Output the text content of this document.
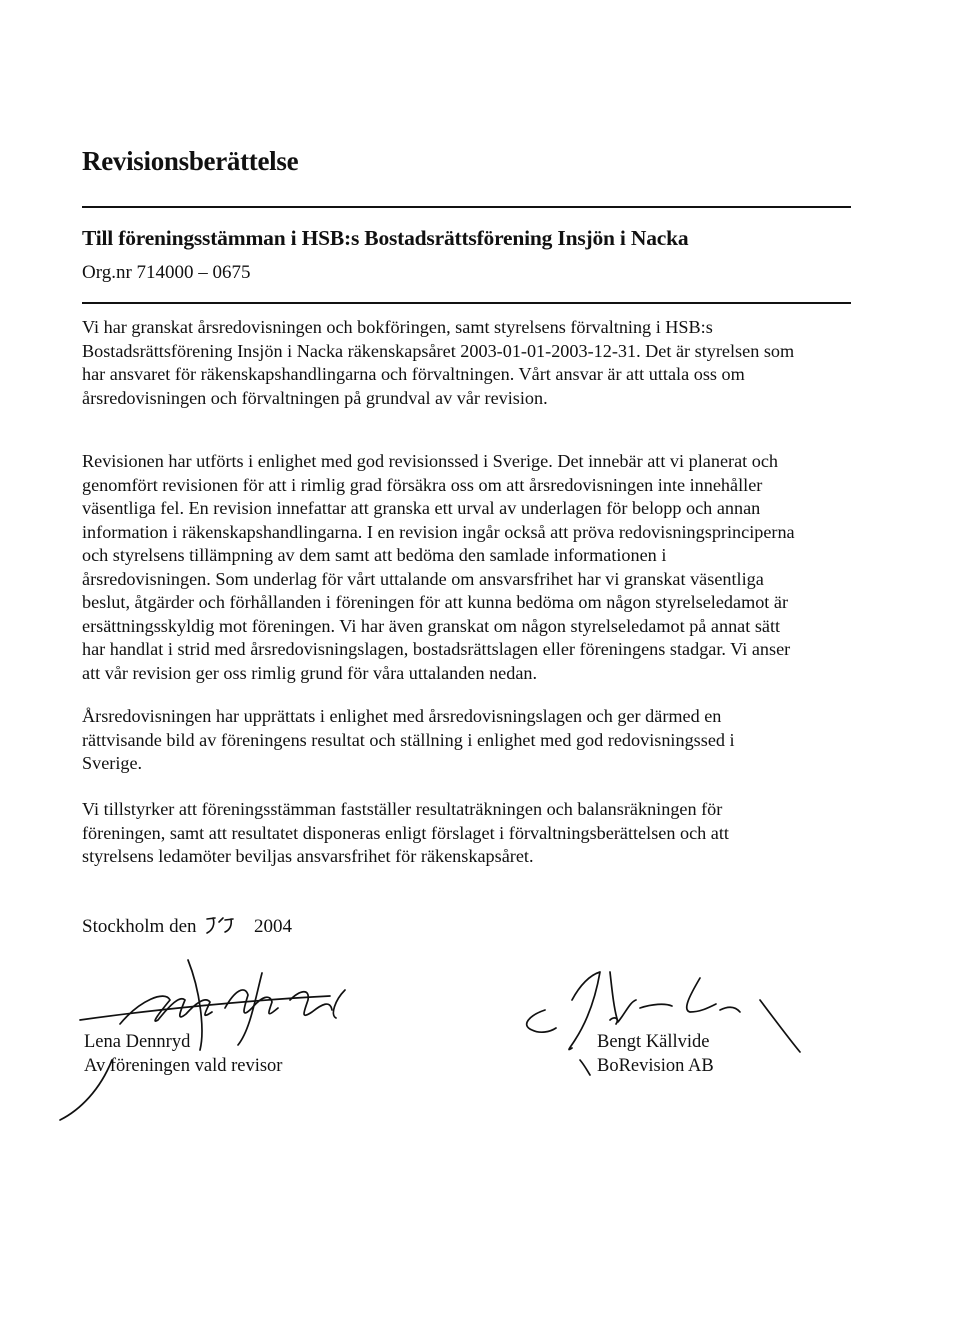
Revisionsberättelse
Till föreningsstämman i HSB:s Bostadsrättsförening Insjön i Nacka

Org.nr 714000 – 0675

Vi har granskat årsredovisningen och bokföringen, samt styrelsens förvaltning i HSB:s
Bostadsrättsförening Insjön i Nacka räkenskapsåret 2003-01-01-2003-12-31. Det är styrelsen som
har ansvaret för räkenskapshandlingarna och förvaltningen. Vårt ansvar är att uttala oss om
årsredovisningen och förvaltningen på grundval av vår revision.

Revisionen har utförts i enlighet med god revisionssed i Sverige. Det innebär att vi planerat och
genomfört revisionen för att i rimlig grad försäkra oss om att årsredovisningen inte innehåller
väsentliga fel. En revision innefattar att granska ett urval av underlagen för belopp och annan
information i räkenskapshandlingarna. I en revision ingår också att pröva redovisningsprinciperna
och styrelsens tillämpning av dem samt att bedöma den samlade informationen i
årsredovisningen. Som underlag för vårt uttalande om ansvarsfrihet har vi granskat väsentliga
beslut, åtgärder och förhållanden i föreningen för att kunna bedöma om någon styrelseledamot är
ersättningsskyldig mot föreningen. Vi har även granskat om någon styrelseledamot på annat sätt
har handlat i strid med årsredovisningslagen, bostadsrättslagen eller föreningens stadgar. Vi anser
att vår revision ger oss rimlig grund för våra uttalanden nedan.

Årsredovisningen har upprättats i enlighet med årsredovisningslagen och ger därmed en
rättvisande bild av föreningens resultat och ställning i enlighet med god redovisningssed i
Sverige.

Vi tillstyrker att föreningsstämman fastställer resultaträkningen och balansräkningen för
föreningen, samt att resultatet disponeras enligt förslaget i förvaltningsberättelsen och att
styrelsens ledamöter beviljas ansvarsfrihet för räkenskapsåret.

Stockholm den	2004

Lena Dennryd
Av föreningen vald revisor
Bengt Källvide
BoRevision AB
